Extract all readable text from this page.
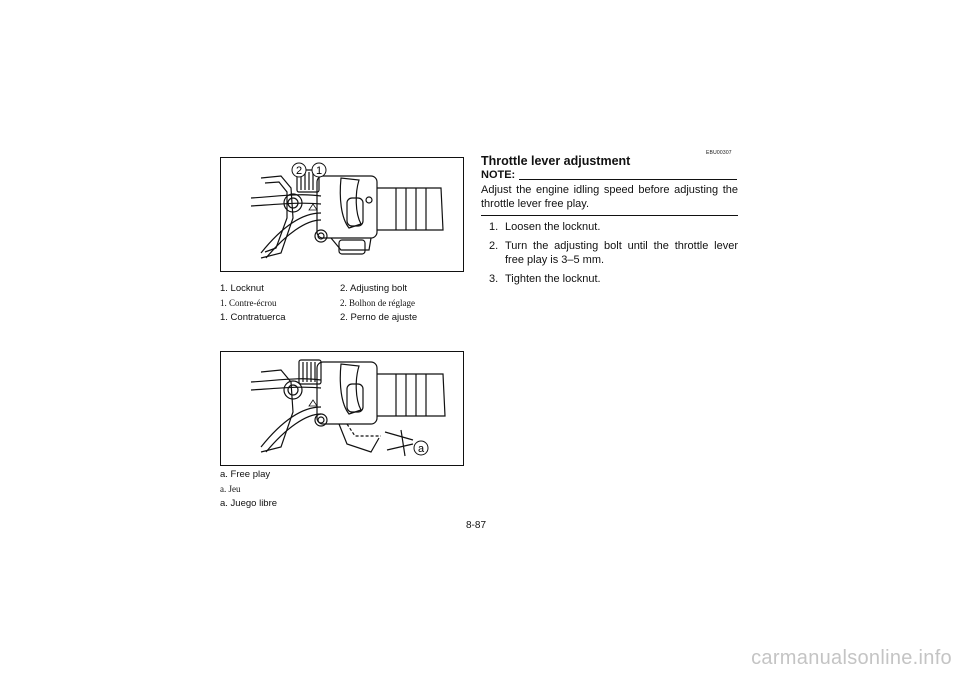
2 1
1. Locknut	2. Adjusting bolt
1. Contre-écrou	2. Bolhon de réglage
1. Contratuerca	2. Perno de ajuste
a
a. Free play
a. Jeu
a. Juego libre
EBU00307
Throttle lever adjustment
NOTE:
Adjust the engine idling speed before adjusting the throttle lever free play.
1. Loosen the locknut.
2. Turn the adjusting bolt until the throttle lever free play is 3–5 mm.
3. Tighten the locknut.
8-87
carmanualsonline.info
